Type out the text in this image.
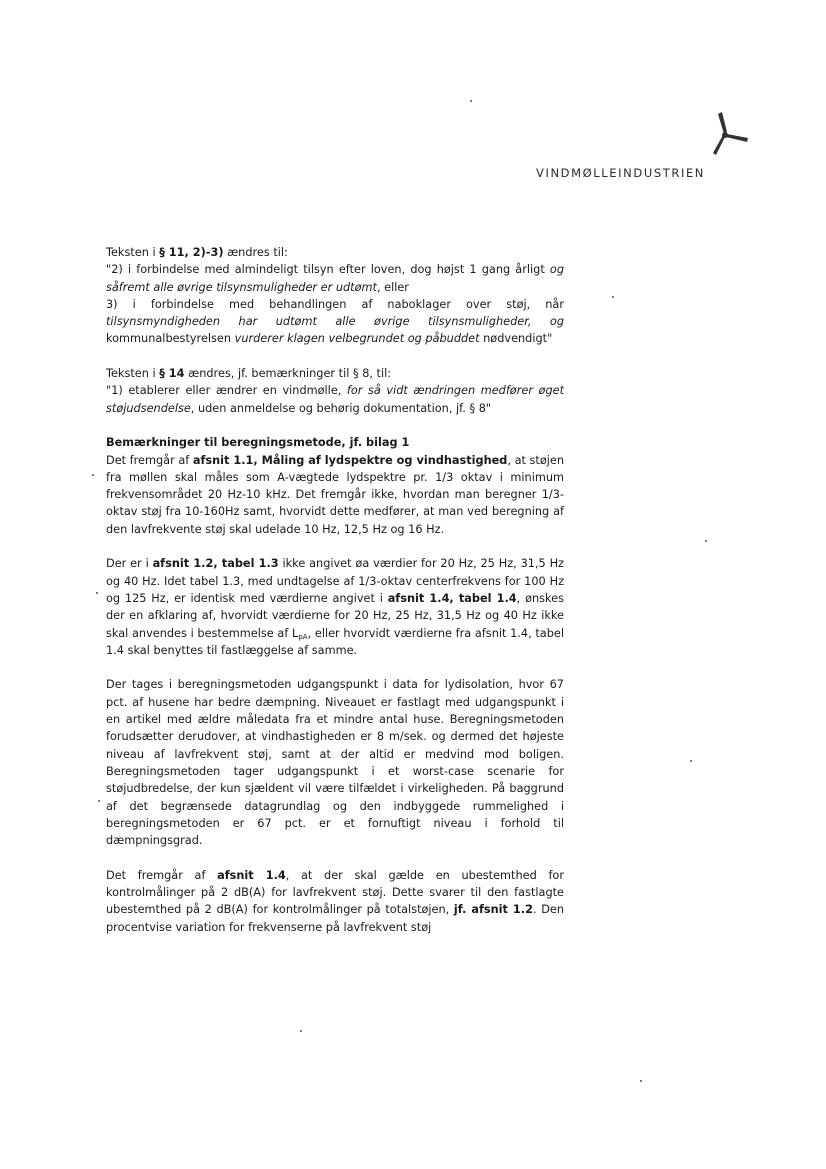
VINDMØLLEINDUSTRIEN

Teksten i § 11, 2)-3) ændres til:

"2) i forbindelse med almindeligt tilsyn efter loven, dog højst 1 gang årligt og såfremt alle øvrige tilsynsmuligheder er udtømt, eller

3) i forbindelse med behandlingen af naboklager over støj, når tilsynsmyndigheden har udtømt alle øvrige tilsynsmuligheder, og kommunalbestyrelsen vurderer klagen velbegrundet og påbuddet nødvendigt"

Teksten i § 14 ændres, jf. bemærkninger til § 8, til:

"1) etablerer eller ændrer en vindmølle, for så vidt ændringen medfører øget støjudsendelse, uden anmeldelse og behørig dokumentation, jf. § 8"

Bemærkninger til beregningsmetode, jf. bilag 1

Det fremgår af afsnit 1.1, Måling af lydspektre og vindhastighed, at støjen fra møllen skal måles som A-vægtede lydspektre pr. 1/3 oktav i minimum frekvensområdet 20 Hz-10 kHz. Det fremgår ikke, hvordan man beregner 1/3-oktav støj fra 10-160Hz samt, hvorvidt dette medfører, at man ved beregning af den lavfrekvente støj skal udelade 10 Hz, 12,5 Hz og 16 Hz.

Der er i afsnit 1.2, tabel 1.3 ikke angivet øa værdier for 20 Hz, 25 Hz, 31,5 Hz og 40 Hz. Idet tabel 1.3, med undtagelse af 1/3-oktav centerfrekvens for 100 Hz og 125 Hz, er identisk med værdierne angivet i afsnit 1.4, tabel 1.4, ønskes der en afklaring af, hvorvidt værdierne for 20 Hz, 25 Hz, 31,5 Hz og 40 Hz ikke skal anvendes i bestemmelse af $L_{pA}$, eller hvorvidt værdierne fra afsnit 1.4, tabel 1.4 skal benyttes til fastlæggelse af samme.

Der tages i beregningsmetoden udgangspunkt i data for lydisolation, hvor 67 pct. af husene har bedre dæmpning. Niveauet er fastlagt med udgangspunkt i en artikel med ældre måledata fra et mindre antal huse. Beregningsmetoden forudsætter derudover, at vindhastigheden er 8 m/sek. og dermed det højeste niveau af lavfrekvent støj, samt at der altid er medvind mod boligen. Beregningsmetoden tager udgangspunkt i et worst-case scenarie for støjudbredelse, der kun sjældent vil være tilfældet i virkeligheden. På baggrund af det begrænsede datagrundlag og den indbyggede rummelighed i beregningsmetoden er 67 pct. er et fornuftigt niveau i forhold til dæmpningsgrad.

Det fremgår af afsnit 1.4, at der skal gælde en ubestemthed for kontrolmålinger på 2 dB(A) for lavfrekvent støj. Dette svarer til den fastlagte ubestemthed på 2 dB(A) for kontrolmålinger på totalstøjen, jf. afsnit 1.2. Den procentvise variation for frekvenserne på lavfrekvent støj
